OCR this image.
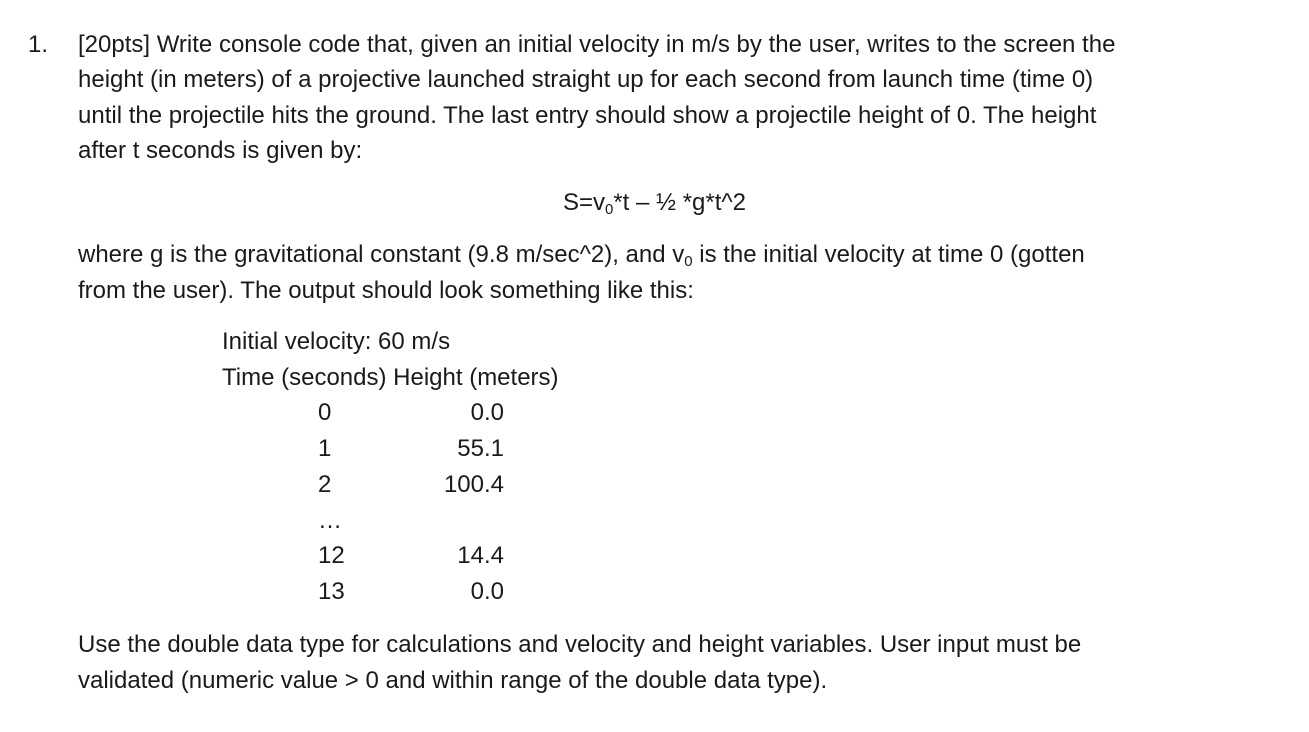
1. [20pts] Write console code that, given an initial velocity in m/s by the user, writes to the screen the
height (in meters) of a projective launched straight up for each second from launch time (time 0)
until the projectile hits the ground. The last entry should show a projectile height of 0. The height
after t seconds is given by:
$S=v_0*t$ – ½ *g*t^2
where g is the gravitational constant (9.8 m/sec^2), and $v_0$ is the initial velocity at time 0 (gotten
from the user). The output should look something like this:
Initial velocity: 60 m/s
Time (seconds) Height (meters)
0	0.0
1	55.1
2	100.4
…
12	14.4
13	0.0
Use the double data type for calculations and velocity and height variables. User input must be
validated (numeric value > 0 and within range of the double data type).
